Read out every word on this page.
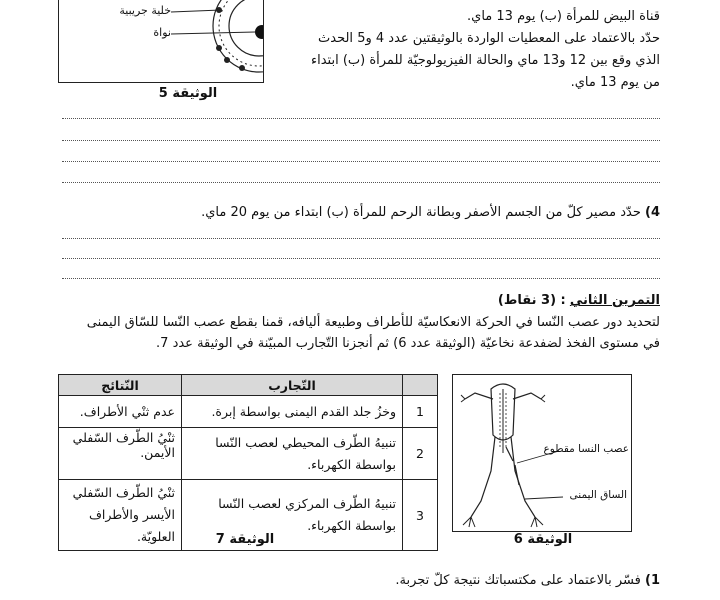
خلية جريبية
نواة
الوثيقة 5
قناة البيض للمرأة (ب) يوم 13 ماي.
حدّد بالاعتماد على المعطيات الواردة بالوثيقتين عدد 4 و5 الحدث
الذي وقع بين 12 و13 ماي والحالة الفيزيولوجيّة للمرأة (ب) ابتداء
من يوم 13 ماي.
4) حدّد مصير كلّ من الجسم الأصفر وبطانة الرحم للمرأة (ب) ابتداء من يوم 20 ماي.
التمرين الثاني : (3 نقاط)
لتحديد دور عصب النّسا في الحركة الانعكاسيّة للأطراف وطبيعة أليافه، قمنا بقطع عصب النّسا للسّاق اليمنى
في مستوى الفخذ لضفدعة نخاعيّة (الوثيقة عدد 6) ثم أنجزنا التّجارب المبيّنة في الوثيقة عدد 7.
عصب النسا مقطوع
الساق اليمنى
الوثيقة 6
	التّجارب	النّتائج
1	وخزُ جلد القدم اليمنى بواسطة إبرة.	عدم ثنْي الأطراف.
2	تنبيهُ الطّرف المحيطي لعصب النّسا بواسطة الكهرباء.	ثنْيُ الطّرف السّفلي الأيمن.
3	تنبيهُ الطّرف المركزي لعصب النّسا بواسطة الكهرباء.	ثنْيُ الطّرف السّفلي الأيسر والأطراف العلويّة.	الوثيقة 7
1) فسّر بالاعتماد على مكتسباتك نتيجة كلّ تجربة.
